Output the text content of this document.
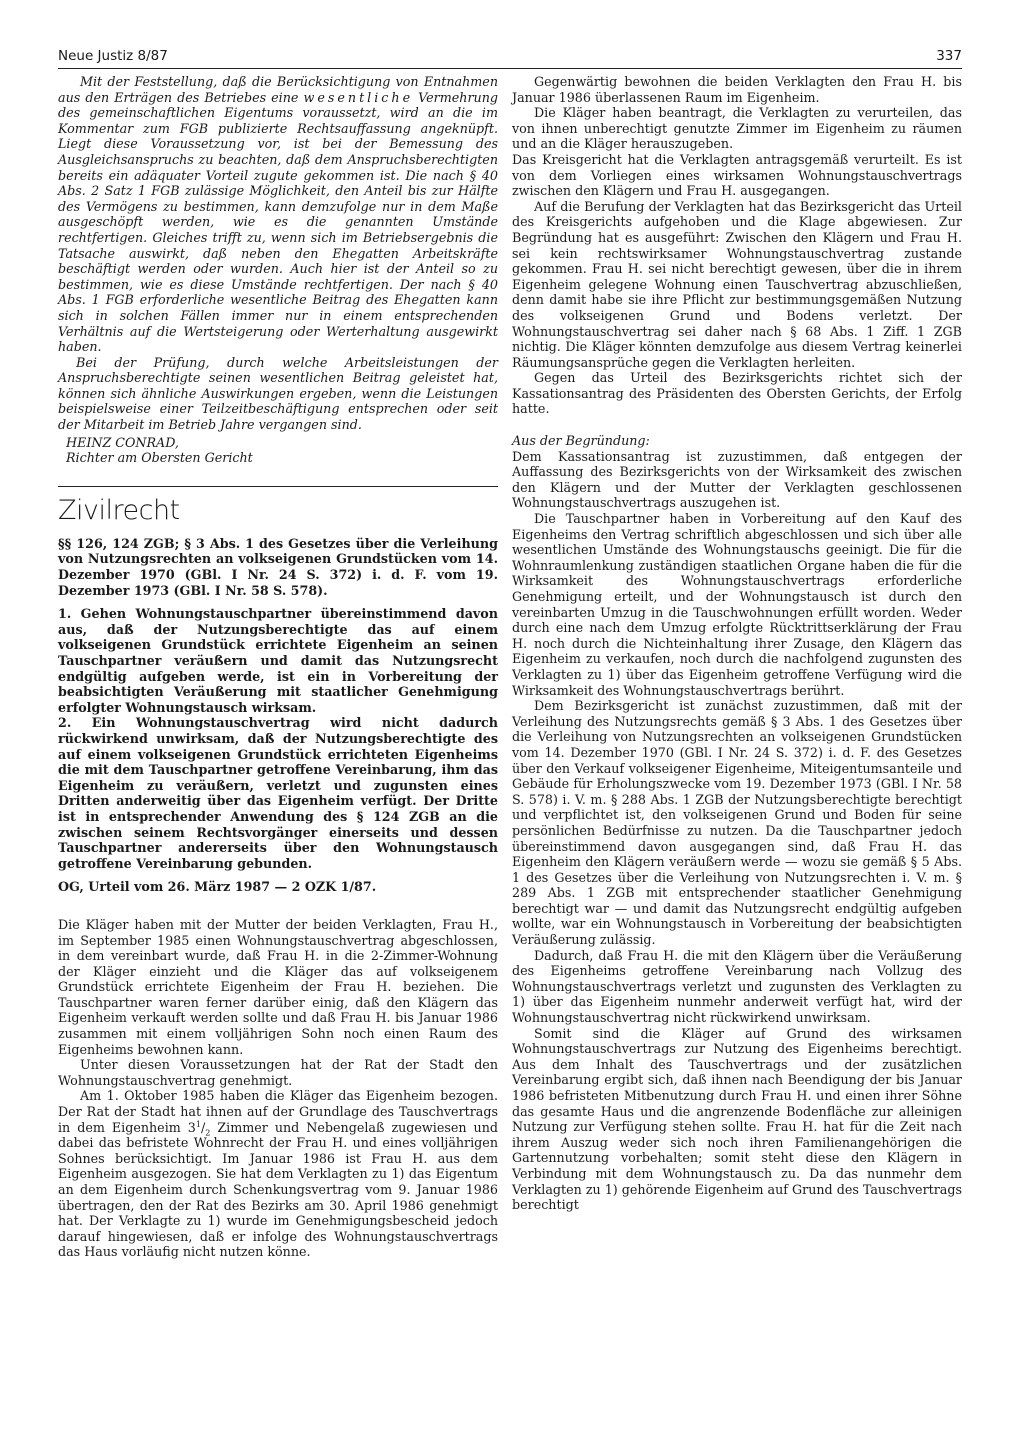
Neue Justiz 8/87	337

Mit der Feststellung, daß die Berücksichtigung von Entnahmen aus den Erträgen des Betriebes eine wesentliche Vermehrung des gemeinschaftlichen Eigentums voraussetzt, wird an die im Kommentar zum FGB publizierte Rechtsauffassung angeknüpft. Liegt diese Voraussetzung vor, ist bei der Bemessung des Ausgleichsanspruchs zu beachten, daß dem Anspruchsberechtigten bereits ein adäquater Vorteil zugute gekommen ist. Die nach § 40 Abs. 2 Satz 1 FGB zulässige Möglichkeit, den Anteil bis zur Hälfte des Vermögens zu bestimmen, kann demzufolge nur in dem Maße ausgeschöpft werden, wie es die genannten Umstände rechtfertigen. Gleiches trifft zu, wenn sich im Betriebsergebnis die Tatsache auswirkt, daß neben den Ehegatten Arbeitskräfte beschäftigt werden oder wurden. Auch hier ist der Anteil so zu bestimmen, wie es diese Umstände rechtfertigen. Der nach § 40 Abs. 1 FGB erforderliche wesentliche Beitrag des Ehegatten kann sich in solchen Fällen immer nur in einem entsprechenden Verhältnis auf die Wertsteigerung oder Werterhaltung ausgewirkt haben.

Bei der Prüfung, durch welche Arbeitsleistungen der Anspruchsberechtigte seinen wesentlichen Beitrag geleistet hat, können sich ähnliche Auswirkungen ergeben, wenn die Leistungen beispielsweise einer Teilzeitbeschäftigung entsprechen oder seit der Mitarbeit im Betrieb Jahre vergangen sind.

HEINZ CONRAD,
Richter am Obersten Gericht
Zivilrecht
§§ 126, 124 ZGB; § 3 Abs. 1 des Gesetzes über die Verleihung von Nutzungsrechten an volkseigenen Grundstücken vom 14. Dezember 1970 (GBl. I Nr. 24 S. 372) i. d. F. vom 19. Dezember 1973 (GBl. I Nr. 58 S. 578).

1. Gehen Wohnungstauschpartner übereinstimmend davon aus, daß der Nutzungsberechtigte das auf einem volkseigenen Grundstück errichtete Eigenheim an seinen Tauschpartner veräußern und damit das Nutzungsrecht endgültig aufgeben werde, ist ein in Vorbereitung der beabsichtigten Veräußerung mit staatlicher Genehmigung erfolgter Wohnungstausch wirksam.

2. Ein Wohnungstauschvertrag wird nicht dadurch rückwirkend unwirksam, daß der Nutzungsberechtigte des auf einem volkseigenen Grundstück errichteten Eigenheims die mit dem Tauschpartner getroffene Vereinbarung, ihm das Eigenheim zu veräußern, verletzt und zugunsten eines Dritten anderweitig über das Eigenheim verfügt. Der Dritte ist in entsprechender Anwendung des § 124 ZGB an die zwischen seinem Rechtsvorgänger einerseits und dessen Tauschpartner andererseits über den Wohnungstausch getroffene Vereinbarung gebunden.

OG, Urteil vom 26. März 1987 — 2 OZK 1/87.

Die Kläger haben mit der Mutter der beiden Verklagten, Frau H., im September 1985 einen Wohnungstauschvertrag abgeschlossen, in dem vereinbart wurde, daß Frau H. in die 2-Zimmer-Wohnung der Kläger einzieht und die Kläger das auf volkseigenem Grundstück errichtete Eigenheim der Frau H. beziehen. Die Tauschpartner waren ferner darüber einig, daß den Klägern das Eigenheim verkauft werden sollte und daß Frau H. bis Januar 1986 zusammen mit einem volljährigen Sohn noch einen Raum des Eigenheims bewohnen kann.

Unter diesen Voraussetzungen hat der Rat der Stadt den Wohnungstauschvertrag genehmigt.

Am 1. Oktober 1985 haben die Kläger das Eigenheim bezogen. Der Rat der Stadt hat ihnen auf der Grundlage des Tauschvertrags in dem Eigenheim $3^1/_2$ Zimmer und Nebengelaß zugewiesen und dabei das befristete Wohnrecht der Frau H. und eines volljährigen Sohnes berücksichtigt. Im Januar 1986 ist Frau H. aus dem Eigenheim ausgezogen. Sie hat dem Verklagten zu 1) das Eigentum an dem Eigenheim durch Schenkungsvertrag vom 9. Januar 1986 übertragen, den der Rat des Bezirks am 30. April 1986 genehmigt hat. Der Verklagte zu 1) wurde im Genehmigungsbescheid jedoch darauf hingewiesen, daß er infolge des Wohnungstauschvertrags das Haus vorläufig nicht nutzen könne.

Gegenwärtig bewohnen die beiden Verklagten den Frau H. bis Januar 1986 überlassenen Raum im Eigenheim.

Die Kläger haben beantragt, die Verklagten zu verurteilen, das von ihnen unberechtigt genutzte Zimmer im Eigenheim zu räumen und an die Kläger herauszugeben.

Das Kreisgericht hat die Verklagten antragsgemäß verurteilt. Es ist von dem Vorliegen eines wirksamen Wohnungstauschvertrags zwischen den Klägern und Frau H. ausgegangen.

Auf die Berufung der Verklagten hat das Bezirksgericht das Urteil des Kreisgerichts aufgehoben und die Klage abgewiesen. Zur Begründung hat es ausgeführt: Zwischen den Klägern und Frau H. sei kein rechtswirksamer Wohnungstauschvertrag zustande gekommen. Frau H. sei nicht berechtigt gewesen, über die in ihrem Eigenheim gelegene Wohnung einen Tauschvertrag abzuschließen, denn damit habe sie ihre Pflicht zur bestimmungsgemäßen Nutzung des volkseigenen Grund und Bodens verletzt. Der Wohnungstauschvertrag sei daher nach § 68 Abs. 1 Ziff. 1 ZGB nichtig. Die Kläger könnten demzufolge aus diesem Vertrag keinerlei Räumungsansprüche gegen die Verklagten herleiten.

Gegen das Urteil des Bezirksgerichts richtet sich der Kassationsantrag des Präsidenten des Obersten Gerichts, der Erfolg hatte.

Aus der Begründung:

Dem Kassationsantrag ist zuzustimmen, daß entgegen der Auffassung des Bezirksgerichts von der Wirksamkeit des zwischen den Klägern und der Mutter der Verklagten geschlossenen Wohnungstauschvertrags auszugehen ist.

Die Tauschpartner haben in Vorbereitung auf den Kauf des Eigenheims den Vertrag schriftlich abgeschlossen und sich über alle wesentlichen Umstände des Wohnungstauschs geeinigt. Die für die Wohnraumlenkung zuständigen staatlichen Organe haben die für die Wirksamkeit des Wohnungstauschvertrags erforderliche Genehmigung erteilt, und der Wohnungstausch ist durch den vereinbarten Umzug in die Tauschwohnungen erfüllt worden. Weder durch eine nach dem Umzug erfolgte Rücktrittserklärung der Frau H. noch durch die Nichteinhaltung ihrer Zusage, den Klägern das Eigenheim zu verkaufen, noch durch die nachfolgend zugunsten des Verklagten zu 1) über das Eigenheim getroffene Verfügung wird die Wirksamkeit des Wohnungstauschvertrags berührt.

Dem Bezirksgericht ist zunächst zuzustimmen, daß mit der Verleihung des Nutzungsrechts gemäß § 3 Abs. 1 des Gesetzes über die Verleihung von Nutzungsrechten an volkseigenen Grundstücken vom 14. Dezember 1970 (GBl. I Nr. 24 S. 372) i. d. F. des Gesetzes über den Verkauf volkseigener Eigenheime, Miteigentumsanteile und Gebäude für Erholungszwecke vom 19. Dezember 1973 (GBl. I Nr. 58 S. 578) i. V. m. § 288 Abs. 1 ZGB der Nutzungsberechtigte berechtigt und verpflichtet ist, den volkseigenen Grund und Boden für seine persönlichen Bedürfnisse zu nutzen. Da die Tauschpartner jedoch übereinstimmend davon ausgegangen sind, daß Frau H. das Eigenheim den Klägern veräußern werde — wozu sie gemäß § 5 Abs. 1 des Gesetzes über die Verleihung von Nutzungsrechten i. V. m. § 289 Abs. 1 ZGB mit entsprechender staatlicher Genehmigung berechtigt war — und damit das Nutzungsrecht endgültig aufgeben wollte, war ein Wohnungstausch in Vorbereitung der beabsichtigten Veräußerung zulässig.

Dadurch, daß Frau H. die mit den Klägern über die Veräußerung des Eigenheims getroffene Vereinbarung nach Vollzug des Wohnungstauschvertrags verletzt und zugunsten des Verklagten zu 1) über das Eigenheim nunmehr anderweit verfügt hat, wird der Wohnungstauschvertrag nicht rückwirkend unwirksam.

Somit sind die Kläger auf Grund des wirksamen Wohnungstauschvertrags zur Nutzung des Eigenheims berechtigt. Aus dem Inhalt des Tauschvertrags und der zusätzlichen Vereinbarung ergibt sich, daß ihnen nach Beendigung der bis Januar 1986 befristeten Mitbenutzung durch Frau H. und einen ihrer Söhne das gesamte Haus und die angrenzende Bodenfläche zur alleinigen Nutzung zur Verfügung stehen sollte. Frau H. hat für die Zeit nach ihrem Auszug weder sich noch ihren Familienangehörigen die Gartennutzung vorbehalten; somit steht diese den Klägern in Verbindung mit dem Wohnungstausch zu. Da das nunmehr dem Verklagten zu 1) gehörende Eigenheim auf Grund des Tauschvertrags berechtigt
